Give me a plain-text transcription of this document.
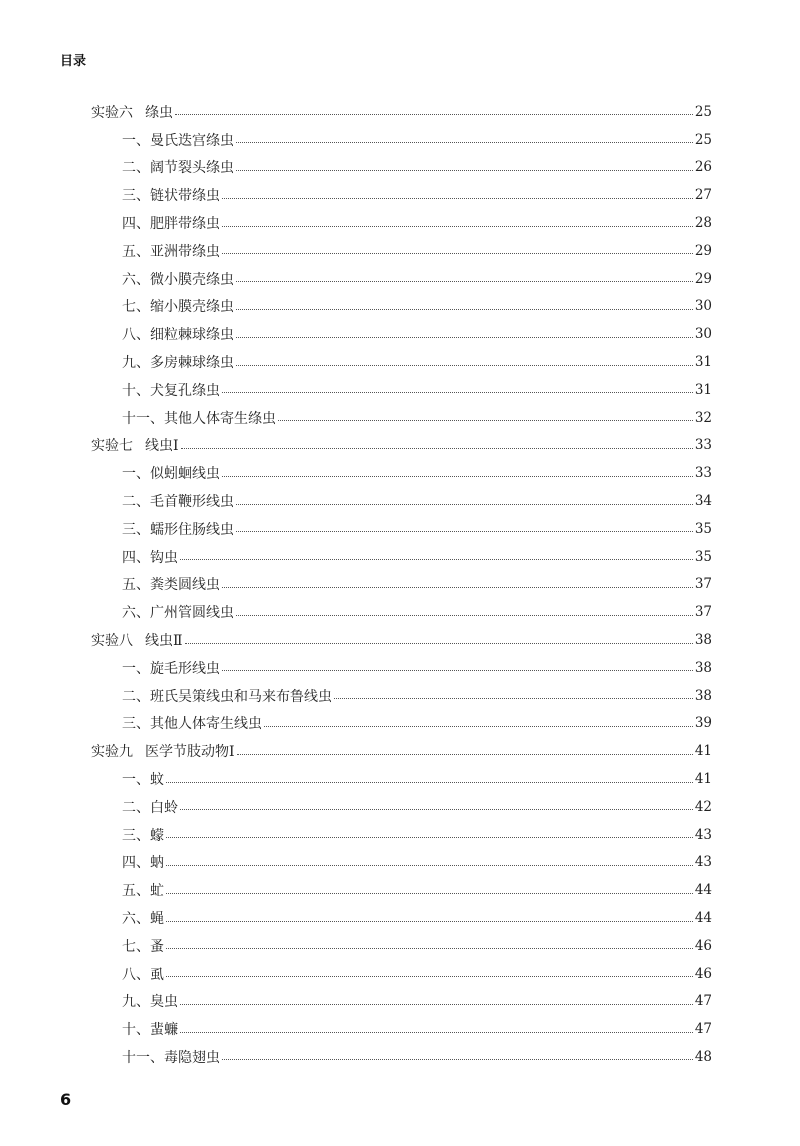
目录
实验六 绦虫	25
一、曼氏迭宫绦虫	25
二、阔节裂头绦虫	26
三、链状带绦虫	27
四、肥胖带绦虫	28
五、亚洲带绦虫	29
六、微小膜壳绦虫	29
七、缩小膜壳绦虫	30
八、细粒棘球绦虫	30
九、多房棘球绦虫	31
十、犬复孔绦虫	31
十一、其他人体寄生绦虫	32
实验七 线虫Ⅰ	33
一、似蚓蛔线虫	33
二、毛首鞭形线虫	34
三、蠕形住肠线虫	35
四、钩虫	35
五、粪类圆线虫	37
六、广州管圆线虫	37
实验八 线虫Ⅱ	38
一、旋毛形线虫	38
二、班氏吴策线虫和马来布鲁线虫	38
三、其他人体寄生线虫	39
实验九 医学节肢动物Ⅰ	41
一、蚊	41
二、白蛉	42
三、蠓	43
四、蚋	43
五、虻	44
六、蝇	44
七、蚤	46
八、虱	46
九、臭虫	47
十、蜚蠊	47
十一、毒隐翅虫	48
6
